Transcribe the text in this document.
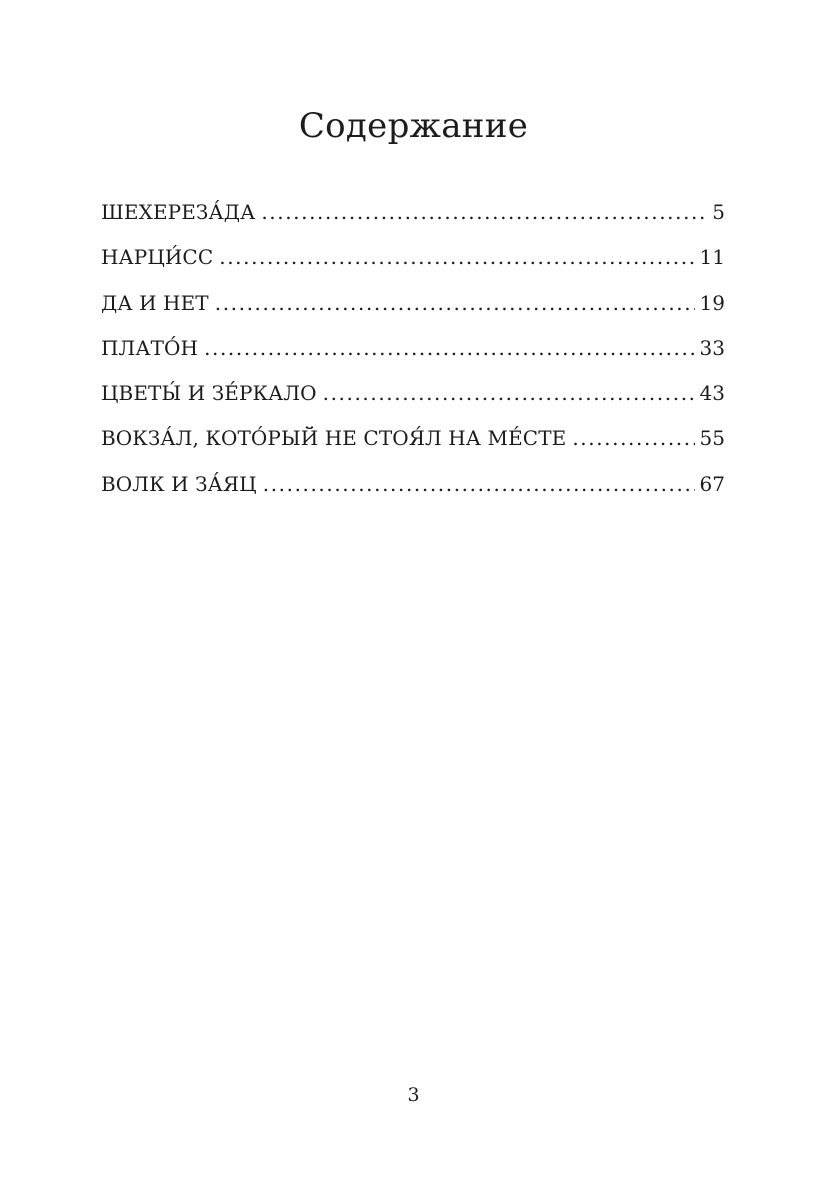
Содержание
ШЕХЕРЕЗА́ДА .....	5
НАРЦИ́СС .....	11
ДА И НЕТ .....	19
ПЛАТО́Н .....	33
ЦВЕТЫ́ И ЗЕ́РКАЛО .....	43
ВОКЗА́Л, КОТО́РЫЙ НЕ СТОЯ́Л НА МЕ́СТЕ .....	55
ВОЛК И ЗА́ЯЦ .....	67
3
